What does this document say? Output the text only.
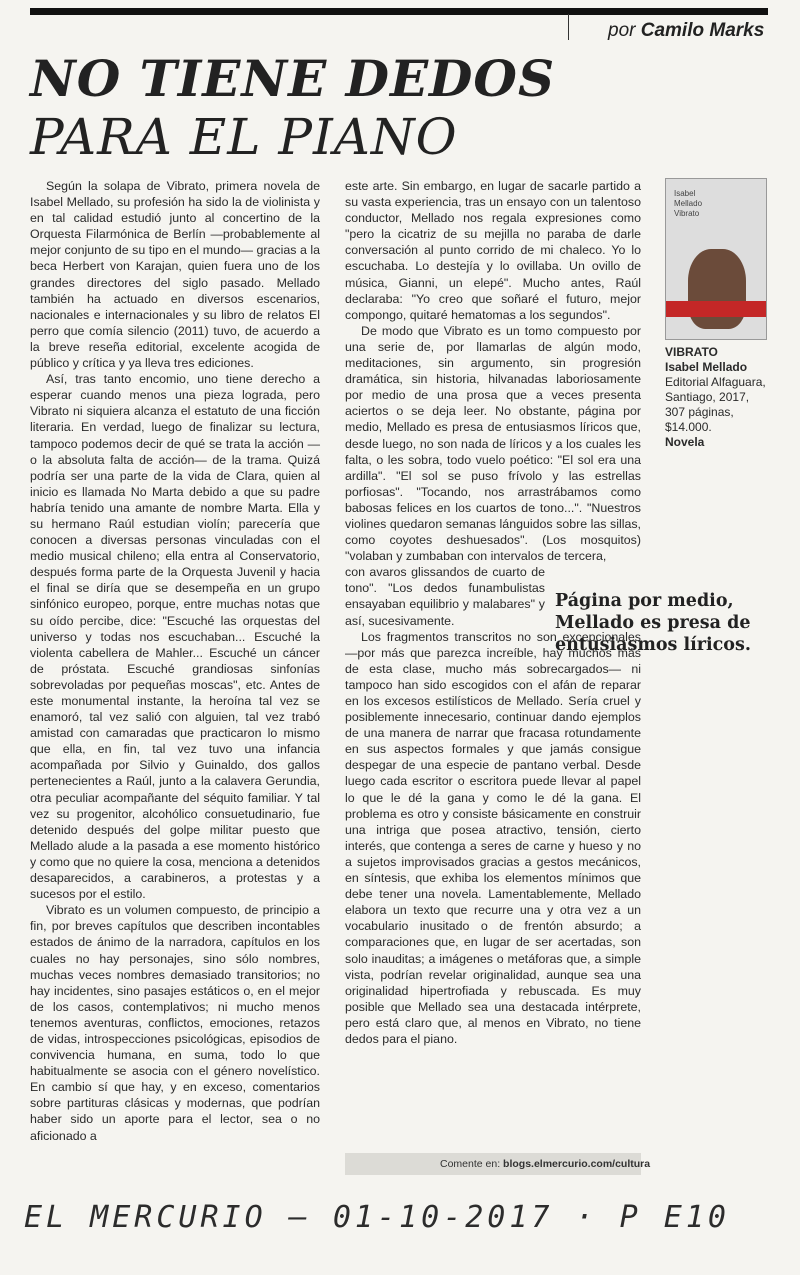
por Camilo Marks
NO TIENE DEDOS
PARA EL PIANO

Según la solapa de Vibrato, primera novela de Isabel Mellado, su profesión ha sido la de violinista y en tal calidad estudió junto al concertino de la Orquesta Filarmónica de Berlín —probablemente al mejor conjunto de su tipo en el mundo— gracias a la beca Herbert von Karajan, quien fuera uno de los grandes directores del siglo pasado. Mellado también ha actuado en diversos escenarios, nacionales e internacionales y su libro de relatos El perro que comía silencio (2011) tuvo, de acuerdo a la breve reseña editorial, excelente acogida de público y crítica y ya lleva tres ediciones.

Así, tras tanto encomio, uno tiene derecho a esperar cuando menos una pieza lograda, pero Vibrato ni siquiera alcanza el estatuto de una ficción literaria. En verdad, luego de finalizar su lectura, tampoco podemos decir de qué se trata la acción —o la absoluta falta de acción— de la trama. Quizá podría ser una parte de la vida de Clara, quien al inicio es llamada No Marta debido a que su padre habría tenido una amante de nombre Marta. Ella y su hermano Raúl estudian violín; parecería que conocen a diversas personas vinculadas con el medio musical chileno; ella entra al Conservatorio, después forma parte de la Orquesta Juvenil y hacia el final se diría que se desempeña en un grupo sinfónico europeo, porque, entre muchas notas que su oído percibe, dice: "Escuché las orquestas del universo y todas nos escuchaban... Escuché la violenta cabellera de Mahler... Escuché un cáncer de próstata. Escuché grandiosas sinfonías sobrevoladas por pequeñas moscas", etc. Antes de este monumental instante, la heroína tal vez se enamoró, tal vez salió con alguien, tal vez trabó amistad con camaradas que practicaron lo mismo que ella, en fin, tal vez tuvo una infancia acompañada por Silvio y Guinaldo, dos gallos pertenecientes a Raúl, junto a la calavera Gerundia, otra peculiar acompañante del séquito familiar. Y tal vez su progenitor, alcohólico consuetudinario, fue detenido después del golpe militar puesto que Mellado alude a la pasada a ese momento histórico y como que no quiere la cosa, menciona a detenidos desaparecidos, a carabineros, a protestas y a sucesos por el estilo.

Vibrato es un volumen compuesto, de principio a fin, por breves capítulos que describen incontables estados de ánimo de la narradora, capítulos en los cuales no hay personajes, sino sólo nombres, muchas veces nombres demasiado transitorios; no hay incidentes, sino pasajes estáticos o, en el mejor de los casos, contemplativos; ni mucho menos tenemos aventuras, conflictos, emociones, retazos de vidas, introspecciones psicológicas, episodios de convivencia humana, en suma, todo lo que habitualmente se asocia con el género novelístico. En cambio sí que hay, y en exceso, comentarios sobre partituras clásicas y modernas, que podrían haber sido un aporte para el lector, sea o no aficionado a

este arte. Sin embargo, en lugar de sacarle partido a su vasta experiencia, tras un ensayo con un talentoso conductor, Mellado nos regala expresiones como "pero la cicatriz de su mejilla no paraba de darle conversación al punto corrido de mi chaleco. Yo lo escuchaba. Lo destejía y lo ovillaba. Un ovillo de música, Gianni, un elepé". Mucho antes, Raúl declaraba: "Yo creo que soñaré el futuro, mejor compongo, quitaré hematomas a los segundos".

De modo que Vibrato es un tomo compuesto por una serie de, por llamarlas de algún modo, meditaciones, sin argumento, sin progresión dramática, sin historia, hilvanadas laboriosamente por medio de una prosa que a veces presenta aciertos o se deja leer. No obstante, página por medio, Mellado es presa de entusiasmos líricos que, desde luego, no son nada de líricos y a los cuales les falta, o les sobra, todo vuelo poético: "El sol era una ardilla". "El sol se puso frívolo y las estrellas porfiosas". "Tocando, nos arrastrábamos como babosas felices en los cuartos de tono...". "Nuestros violines quedaron semanas lánguidos sobre las sillas, como coyotes deshuesados". (Los mosquitos) "volaban y zumbaban con intervalos de tercera,

con avaros glissandos de cuarto de tono". "Los dedos funambulistas ensayaban equilibrio y malabares" y así, sucesivamente.

Los fragmentos transcritos no son excepcionales —por más que parezca increíble, hay muchos más de esta clase, mucho más sobrecargados— ni tampoco han sido escogidos con el afán de reparar en los excesos estilísticos de Mellado. Sería cruel y posiblemente innecesario, continuar dando ejemplos de una manera de narrar que fracasa rotundamente en sus aspectos formales y que jamás consigue despegar de una especie de pantano verbal. Desde luego cada escritor o escritora puede llevar al papel lo que le dé la gana y como le dé la gana. El problema es otro y consiste básicamente en construir una intriga que posea atractivo, tensión, cierto interés, que contenga a seres de carne y hueso y no a sujetos improvisados gracias a gestos mecánicos, en síntesis, que exhiba los elementos mínimos que debe tener una novela. Lamentablemente, Mellado elabora un texto que recurre una y otra vez a un vocabulario inusitado o de frentón absurdo; a comparaciones que, en lugar de ser acertadas, son solo inauditas; a imágenes o metáforas que, a simple vista, podrían revelar originalidad, aunque sea una originalidad hipertrofiada y rebuscada. Es muy posible que Mellado sea una destacada intérprete, pero está claro que, al menos en Vibrato, no tiene dedos para el piano.

Isabel
Mellado
Vibrato
VIBRATO
Isabel Mellado
Editorial Alfaguara,
Santiago, 2017,
307 páginas,
$14.000.
Novela
Página por medio, Mellado es presa de entusiasmos líricos.
Comente en: blogs.elmercurio.com/cultura
EL MERCURIO — 01-10-2017 · P E10
